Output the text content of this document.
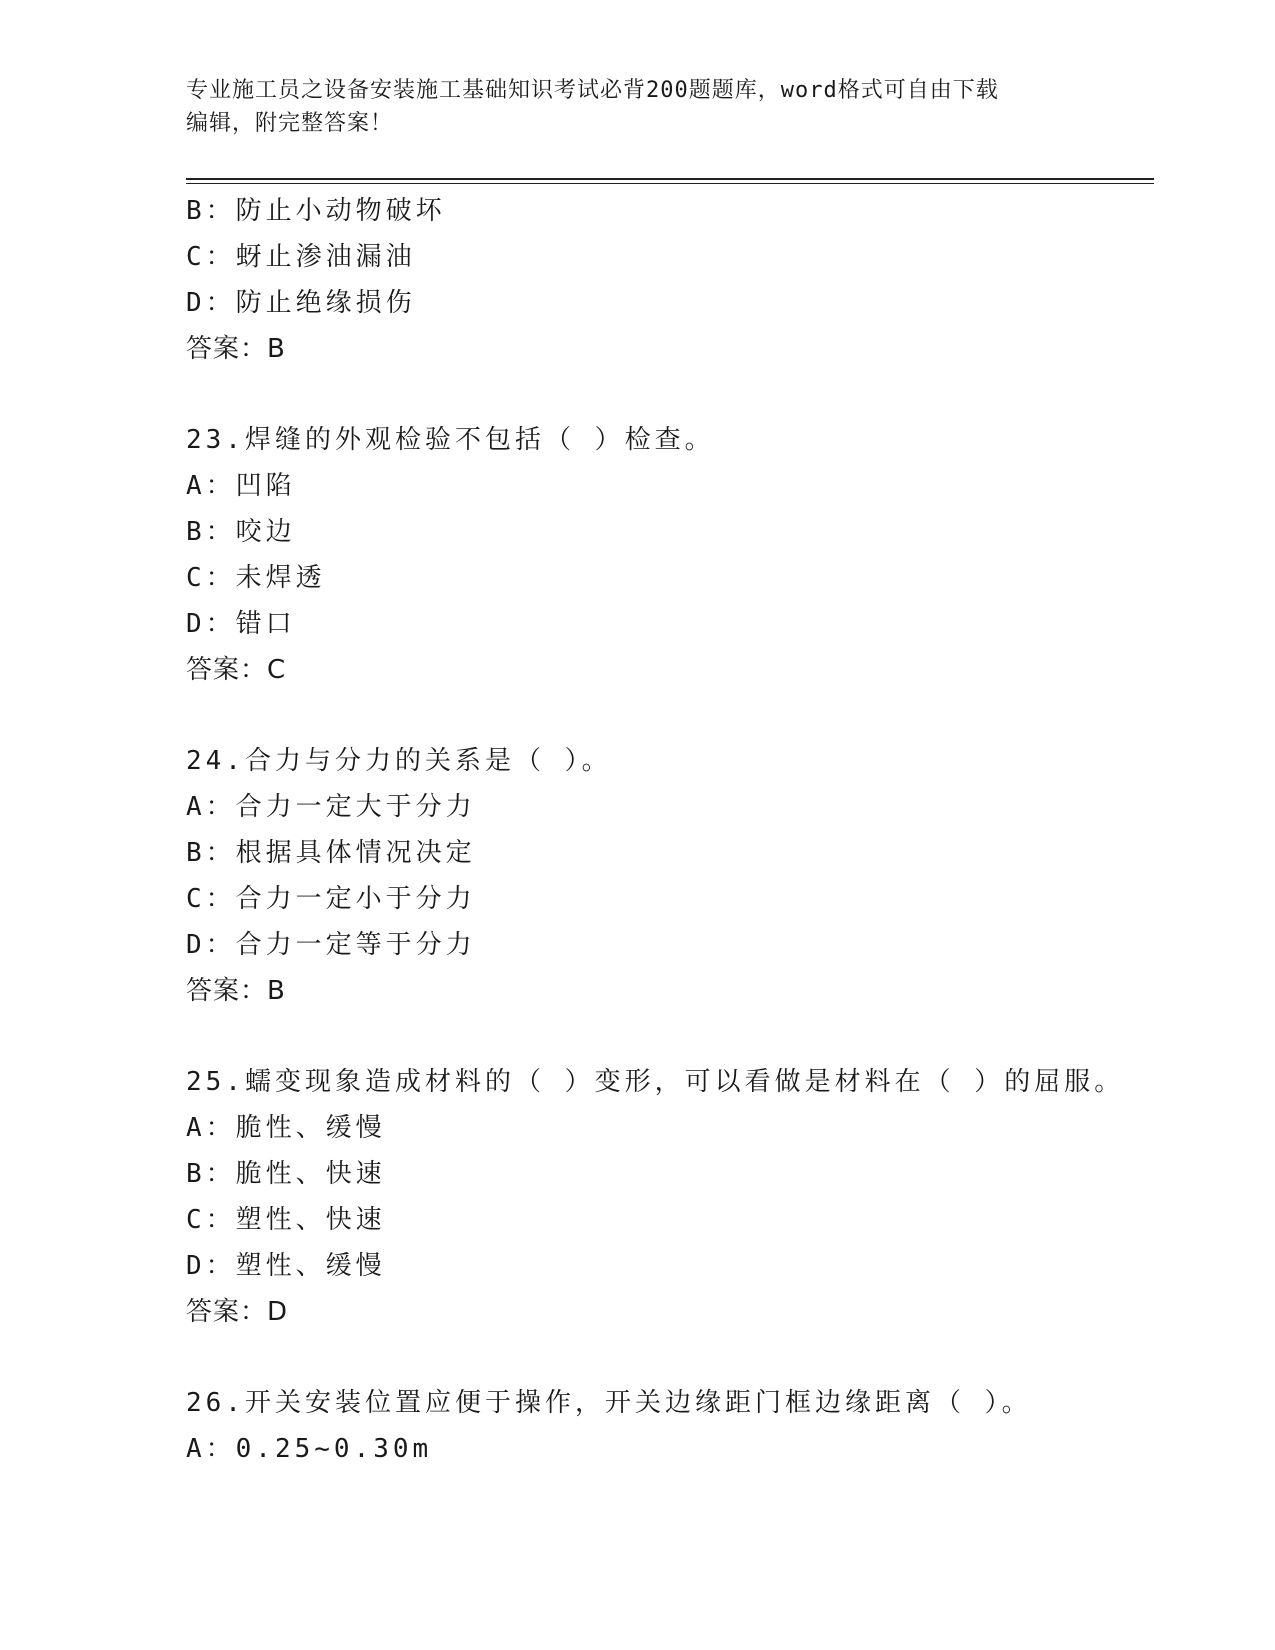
专业施工员之设备安装施工基础知识考试必背200题题库，word格式可自由下载
编辑，附完整答案！
B：防止小动物破坏
C：蚜止渗油漏油
D：防止绝缘损伤
答案：B
23.焊缝的外观检验不包括（ ）检查。
A：凹陷
B：咬边
C：未焊透
D：错口
答案：C
24.合力与分力的关系是（ ）。
A：合力一定大于分力
B：根据具体情况决定
C：合力一定小于分力
D：合力一定等于分力
答案：B
25.蠕变现象造成材料的（ ）变形，可以看做是材料在（ ）的屈服。
A：脆性、缓慢
B：脆性、快速
C：塑性、快速
D：塑性、缓慢
答案：D
26.开关安装位置应便于操作，开关边缘距门框边缘距离（ ）。
A：0.25~0.30m
